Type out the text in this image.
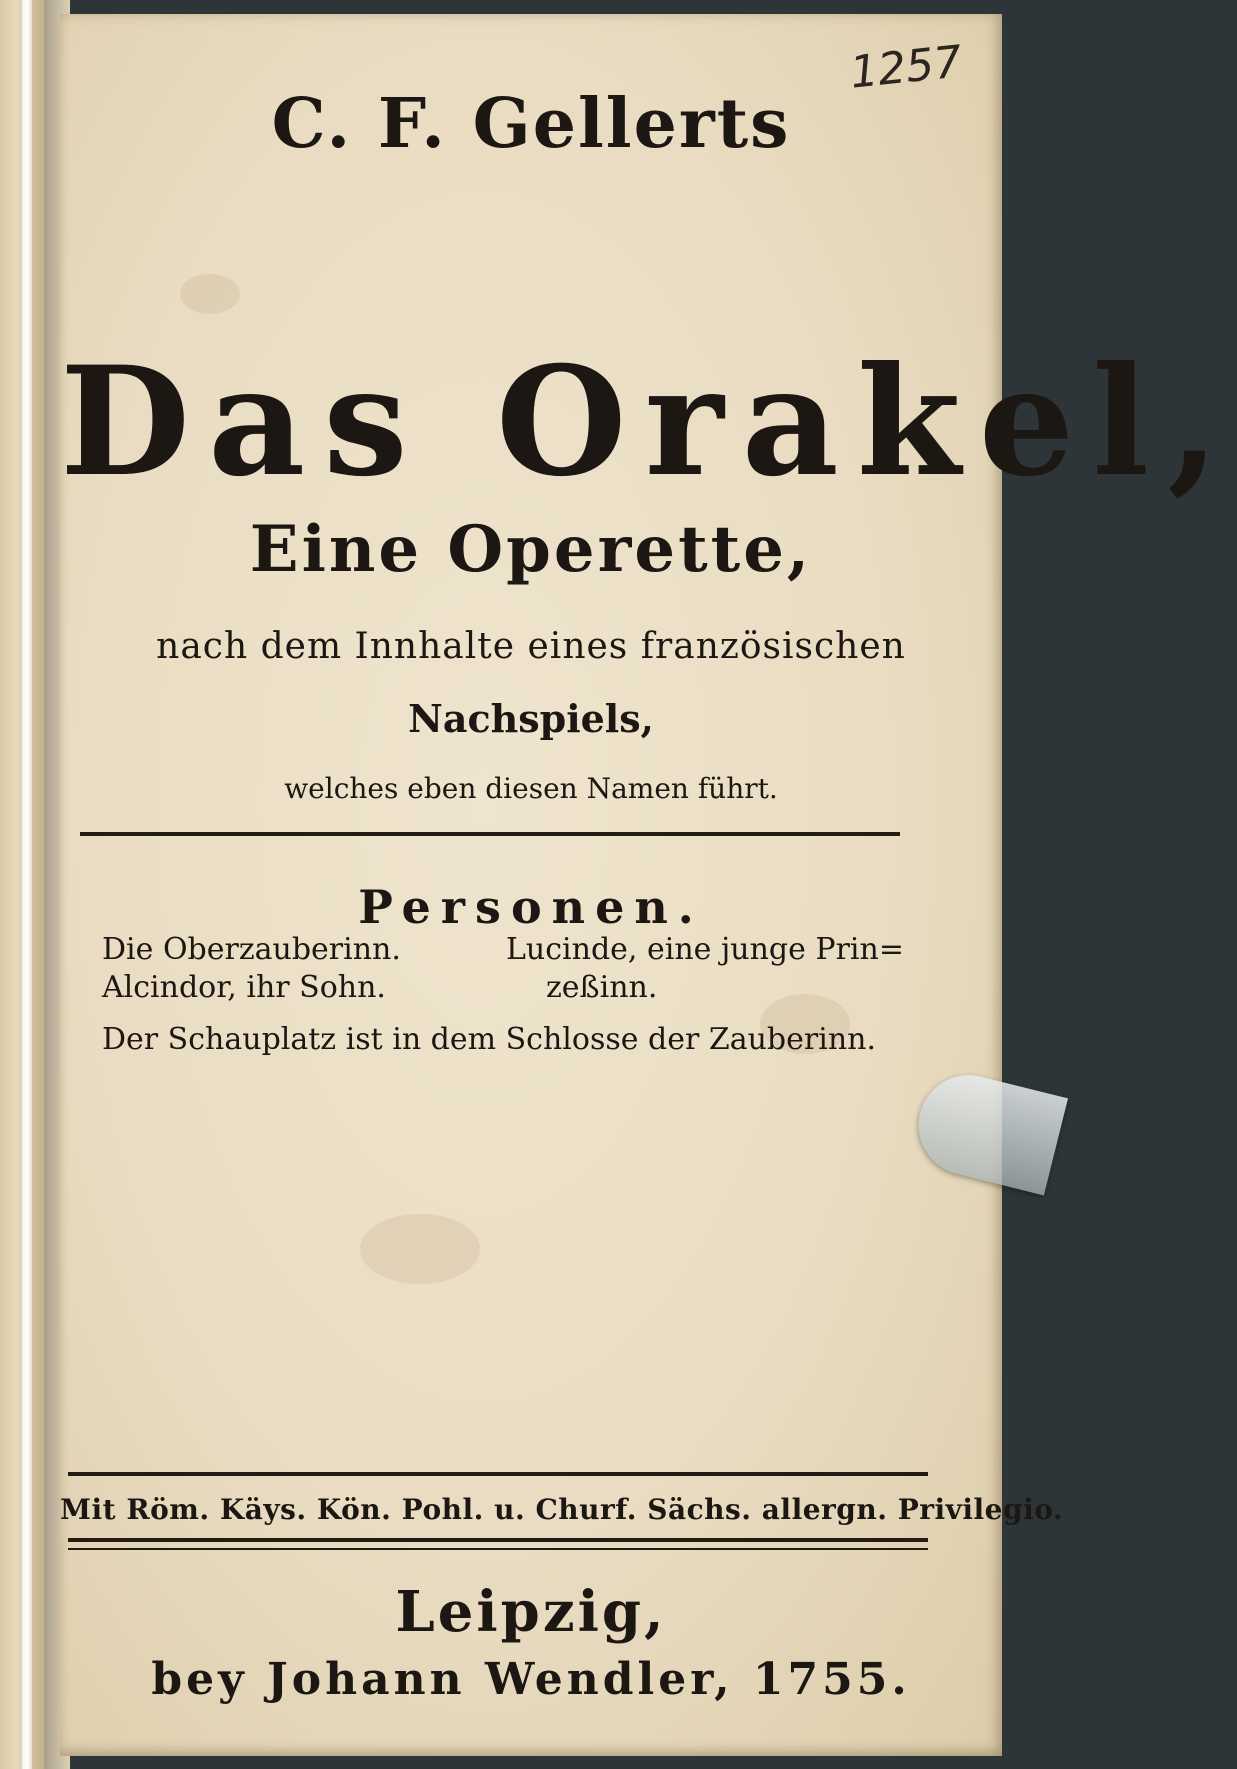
1257
C. F. Gellerts
Das Orakel,
Eine Operette,
nach dem Innhalte eines französischen
Nachspiels,
welches eben diesen Namen führt.
Personen.
Die Oberzauberinn.
Alcindor, ihr Sohn.
Lucinde, eine junge Prin=
zeßinn.
Der Schauplatz ist in dem Schlosse der Zauberinn.
Mit Röm. Käys. Kön. Pohl. u. Churf. Sächs. allergn. Privilegio.
Leipzig,
bey Johann Wendler, 1755.
